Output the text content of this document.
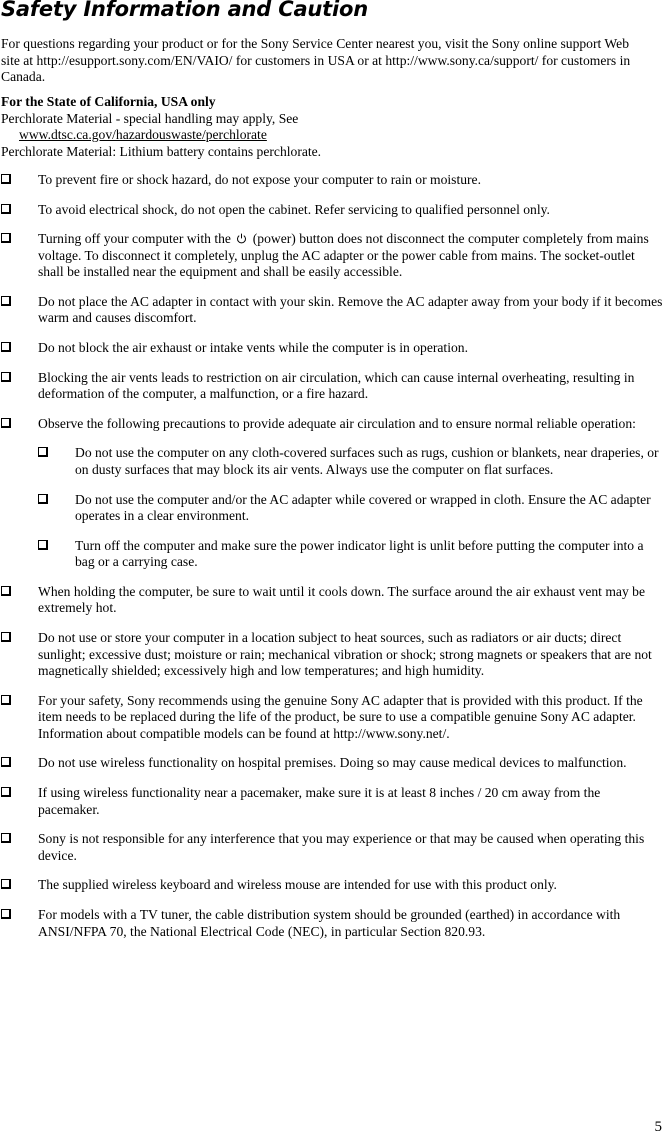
Safety Information and Caution

For questions regarding your product or for the Sony Service Center nearest you, visit the Sony online support Web site at http://esupport.sony.com/EN/VAIO/ for customers in USA or at http://www.sony.ca/support/ for customers in Canada.

For the State of California, USA only

Perchlorate Material - special handling may apply, See

www.dtsc.ca.gov/hazardouswaste/perchlorate

Perchlorate Material: Lithium battery contains perchlorate.

To prevent fire or shock hazard, do not expose your computer to rain or moisture.
To avoid electrical shock, do not open the cabinet. Refer servicing to qualified personnel only.
Turning off your computer with the (power) button does not disconnect the computer completely from mains voltage. To disconnect it completely, unplug the AC adapter or the power cable from mains. The socket-outlet shall be installed near the equipment and shall be easily accessible.
Do not place the AC adapter in contact with your skin. Remove the AC adapter away from your body if it becomes warm and causes discomfort.
Do not block the air exhaust or intake vents while the computer is in operation.
Blocking the air vents leads to restriction on air circulation, which can cause internal overheating, resulting in deformation of the computer, a malfunction, or a fire hazard.
Observe the following precautions to provide adequate air circulation and to ensure normal reliable operation:
Do not use the computer on any cloth-covered surfaces such as rugs, cushion or blankets, near draperies, or on dusty surfaces that may block its air vents. Always use the computer on flat surfaces.
Do not use the computer and/or the AC adapter while covered or wrapped in cloth. Ensure the AC adapter operates in a clear environment.
Turn off the computer and make sure the power indicator light is unlit before putting the computer into a bag or a carrying case.
When holding the computer, be sure to wait until it cools down. The surface around the air exhaust vent may be extremely hot.
Do not use or store your computer in a location subject to heat sources, such as radiators or air ducts; direct sunlight; excessive dust; moisture or rain; mechanical vibration or shock; strong magnets or speakers that are not magnetically shielded; excessively high and low temperatures; and high humidity.
For your safety, Sony recommends using the genuine Sony AC adapter that is provided with this product. If the item needs to be replaced during the life of the product, be sure to use a compatible genuine Sony AC adapter. Information about compatible models can be found at http://www.sony.net/.
Do not use wireless functionality on hospital premises. Doing so may cause medical devices to malfunction.
If using wireless functionality near a pacemaker, make sure it is at least 8 inches / 20 cm away from the pacemaker.
Sony is not responsible for any interference that you may experience or that may be caused when operating this device.
The supplied wireless keyboard and wireless mouse are intended for use with this product only.
For models with a TV tuner, the cable distribution system should be grounded (earthed) in accordance with ANSI/NFPA 70, the National Electrical Code (NEC), in particular Section 820.93.
5
